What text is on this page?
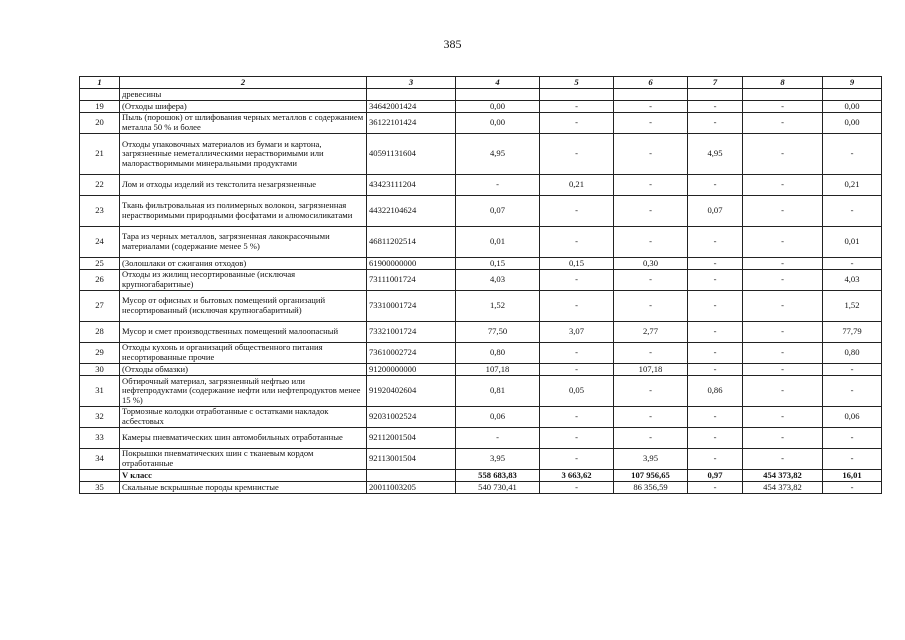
385
1	2	3	4	5	6	7	8	9
	древесины							
19	(Отходы шифера)	34642001424	0,00	-	-	-	-	0,00
20	Пыль (порошок) от шлифования черных металлов с содержанием металла 50 % и более	36122101424	0,00	-	-	-	-	0,00
21	Отходы упаковочных материалов из бумаги и картона, загрязненные неметаллическими нерастворимыми или малорастворимыми минеральными продуктами	40591131604	4,95	-	-	4,95	-	-
22	Лом и отходы изделий из текстолита незагрязненные	43423111204	-	0,21	-	-	-	0,21
23	Ткань фильтровальная из полимерных волокон, загрязненная нерастворимыми природными фосфатами и алюмосиликатами	44322104624	0,07	-	-	0,07	-	-
24	Тара из черных металлов, загрязненная лакокрасочными материалами (содержание менее 5 %)	46811202514	0,01	-	-	-	-	0,01
25	(Золошлаки от сжигания отходов)	61900000000	0,15	0,15	0,30	-	-	-
26	Отходы из жилищ несортированные (исключая крупногабаритные)	73111001724	4,03	-	-	-	-	4,03
27	Мусор от офисных и бытовых помещений организаций несортированный (исключая крупногабаритный)	73310001724	1,52	-	-	-	-	1,52
28	Мусор и смет производственных помещений малоопасный	73321001724	77,50	3,07	2,77	-	-	77,79
29	Отходы кухонь и организаций общественного питания несортированные прочие	73610002724	0,80	-	-	-	-	0,80
30	(Отходы обмазки)	91200000000	107,18	-	107,18	-	-	-
31	Обтирочный материал, загрязненный нефтью или нефтепродуктами (содержание нефти или нефтепродуктов менее 15 %)	91920402604	0,81	0,05	-	0,86	-	-
32	Тормозные колодки отработанные с остатками накладок асбестовых	92031002524	0,06	-	-	-	-	0,06
33	Камеры пневматических шин автомобильных отработанные	92112001504	-	-	-	-	-	-
34	Покрышки пневматических шин с тканевым кордом отработанные	92113001504	3,95	-	3,95	-	-	-
	V класс		558 683,83	3 663,62	107 956,65	0,97	454 373,82	16,01
35	Скальные вскрышные породы кремнистые	20011003205	540 730,41	-	86 356,59	-	454 373,82	-
